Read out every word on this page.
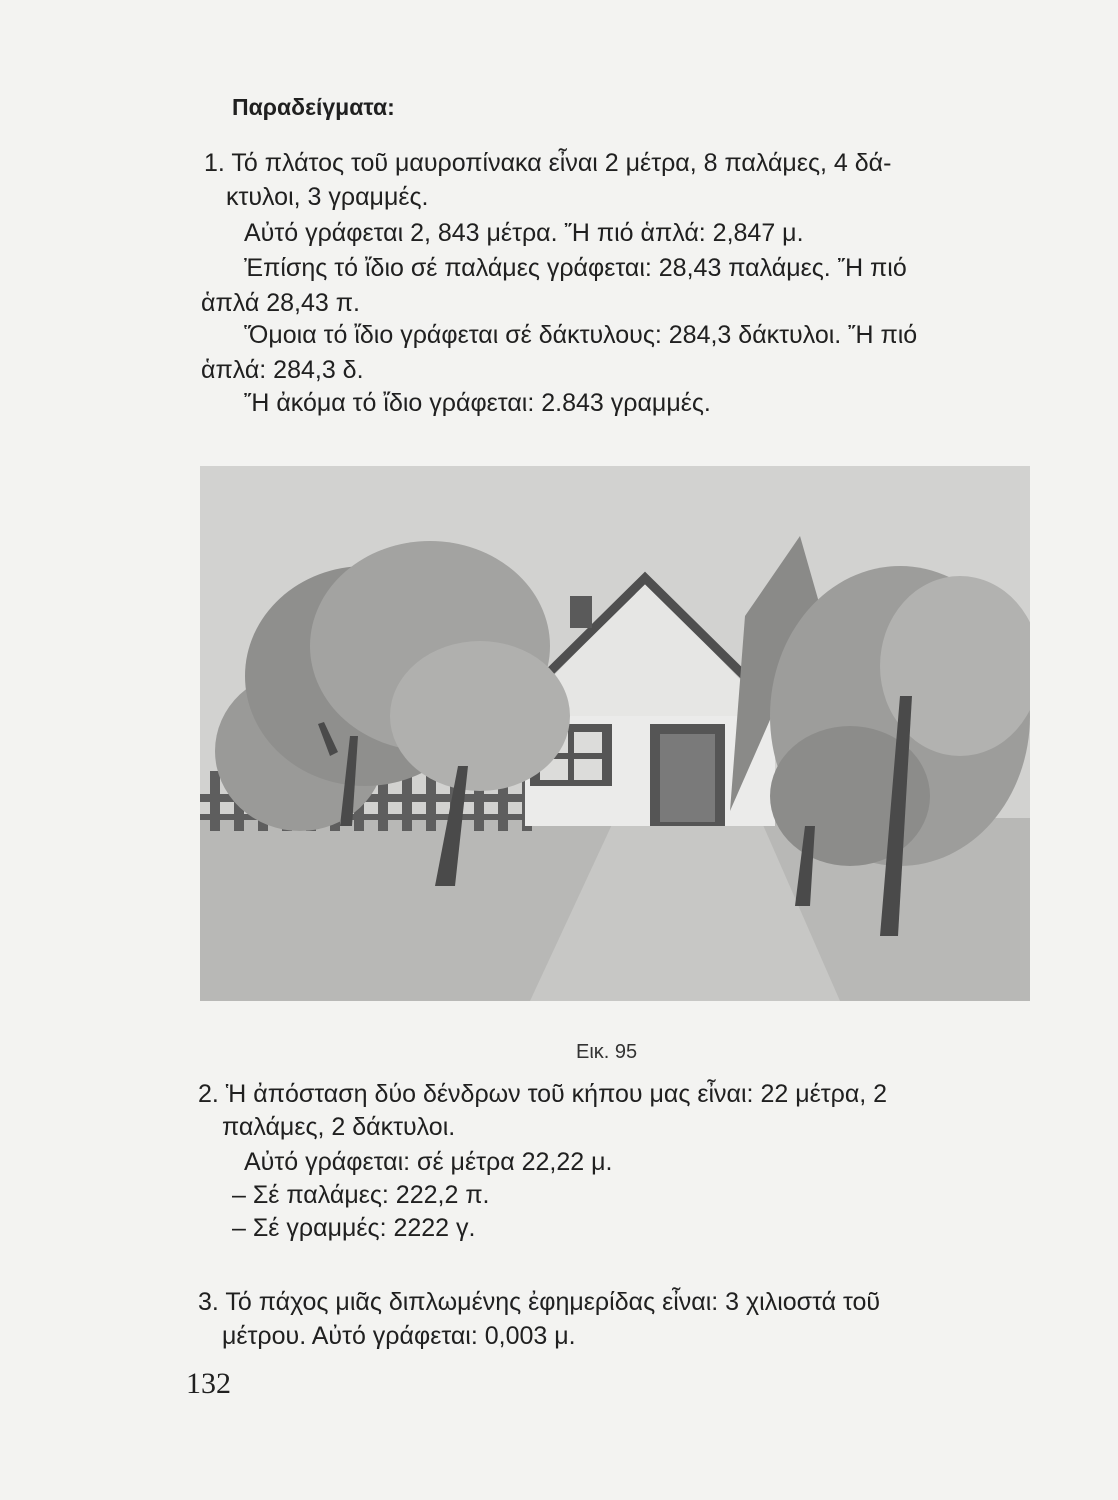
Παραδείγματα:
1. Τό πλάτος τοῦ μαυροπίνακα εἶναι 2 μέτρα, 8 παλάμες, 4 δά-
κτυλοι, 3 γραμμές.
Αὐτό γράφεται 2, 843 μέτρα. Ἤ πιό ἁπλά: 2,847 μ.
Ἐπίσης τό ἴδιο σέ παλάμες γράφεται: 28,43 παλάμες. Ἤ πιό
ἁπλά 28,43 π.
Ὅμοια τό ἴδιο γράφεται σέ δάκτυλους: 284,3 δάκτυλοι. Ἤ πιό
ἁπλά: 284,3 δ.
Ἤ ἀκόμα τό ἴδιο γράφεται: 2.843 γραμμές.
Εικ. 95
2. Ἡ ἀπόσταση δύο δένδρων τοῦ κήπου μας εἶναι: 22 μέτρα, 2
παλάμες, 2 δάκτυλοι.
Αὐτό γράφεται: σέ μέτρα 22,22 μ.
– Σέ παλάμες: 222,2 π.
– Σέ γραμμές: 2222 γ.
3. Τό πάχος μιᾶς διπλωμένης ἐφημερίδας εἶναι: 3 χιλιοστά τοῦ
μέτρου. Αὐτό γράφεται: 0,003 μ.
132
